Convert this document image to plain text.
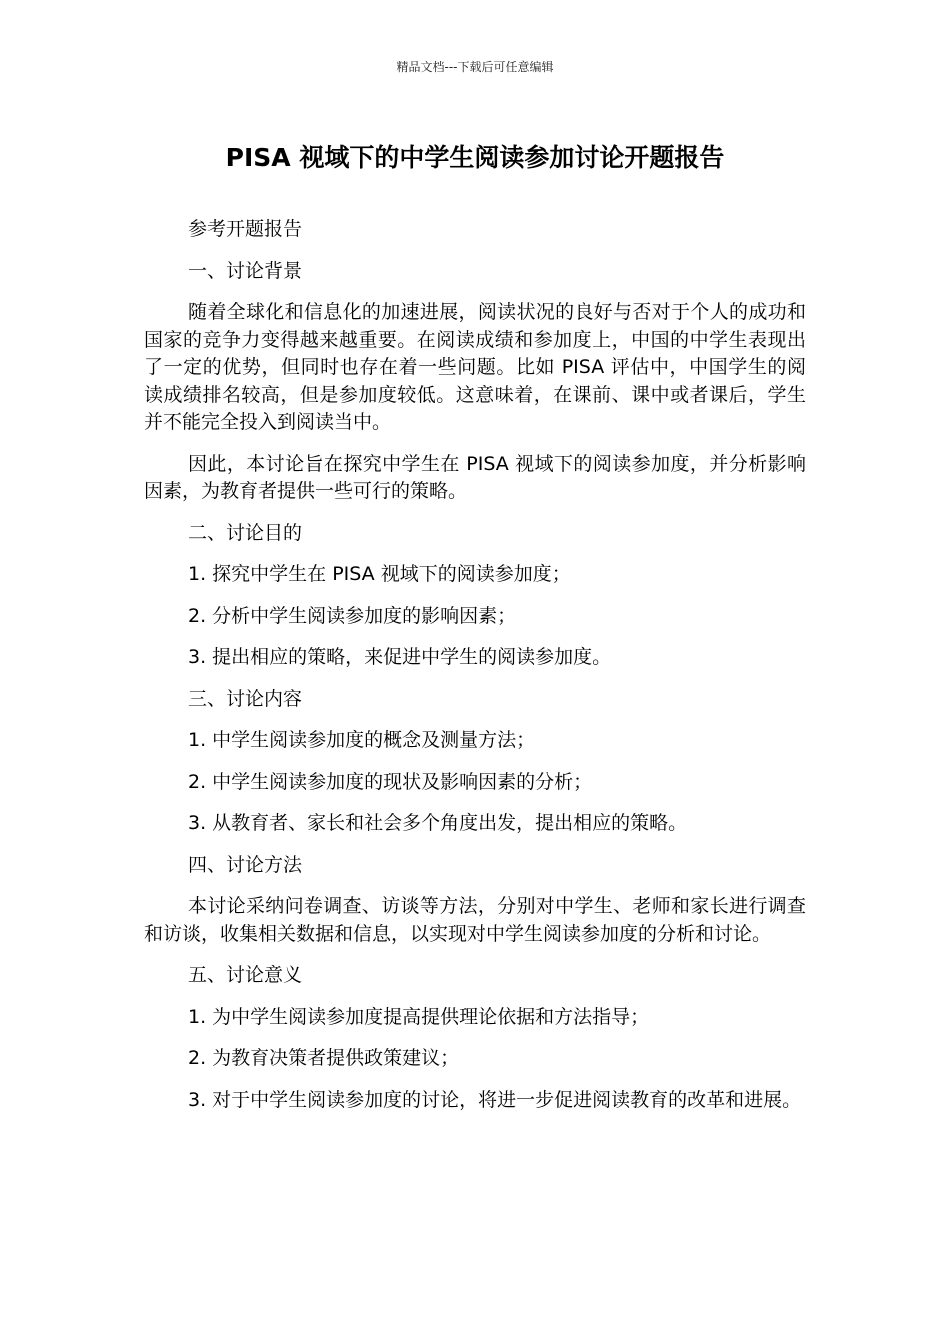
精品文档---下载后可任意编辑
PISA 视域下的中学生阅读参加讨论开题报告

参考开题报告

一、讨论背景

随着全球化和信息化的加速进展，阅读状况的良好与否对于个人的成功和国家的竞争力变得越来越重要。在阅读成绩和参加度上，中国的中学生表现出了一定的优势，但同时也存在着一些问题。比如 PISA 评估中，中国学生的阅读成绩排名较高，但是参加度较低。这意味着，在课前、课中或者课后，学生并不能完全投入到阅读当中。

因此，本讨论旨在探究中学生在 PISA 视域下的阅读参加度，并分析影响因素，为教育者提供一些可行的策略。

二、讨论目的

1. 探究中学生在 PISA 视域下的阅读参加度；

2. 分析中学生阅读参加度的影响因素；

3. 提出相应的策略，来促进中学生的阅读参加度。

三、讨论内容

1. 中学生阅读参加度的概念及测量方法；

2. 中学生阅读参加度的现状及影响因素的分析；

3. 从教育者、家长和社会多个角度出发，提出相应的策略。

四、讨论方法

本讨论采纳问卷调查、访谈等方法，分别对中学生、老师和家长进行调查和访谈，收集相关数据和信息，以实现对中学生阅读参加度的分析和讨论。

五、讨论意义

1. 为中学生阅读参加度提高提供理论依据和方法指导；

2. 为教育决策者提供政策建议；

3. 对于中学生阅读参加度的讨论，将进一步促进阅读教育的改革和进展。
